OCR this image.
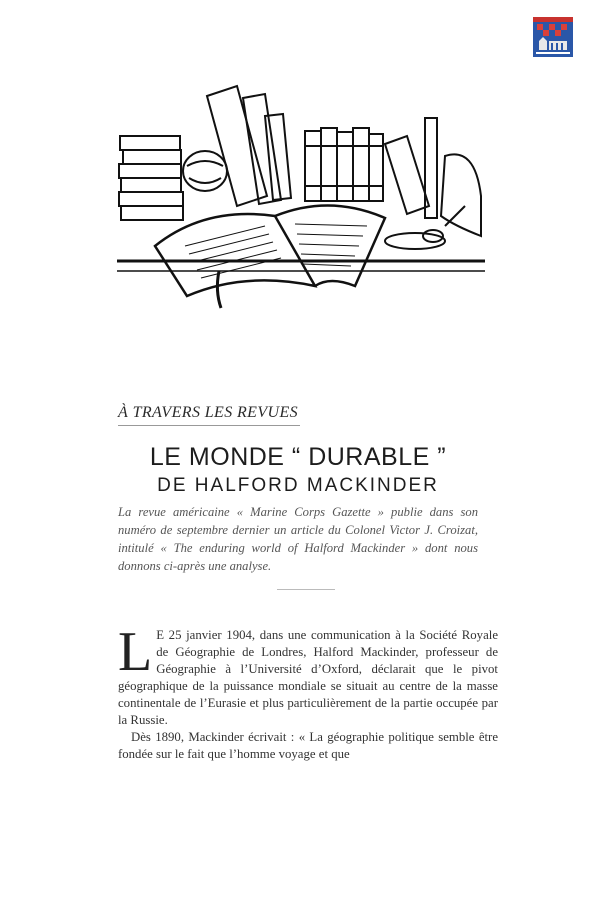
À TRAVERS LES REVUES
LE MONDE “ DURABLE ”
DE HALFORD MACKINDER
La revue américaine « Marine Corps Gazette » publie dans son numéro de septembre dernier un article du Colonel Victor J. Croizat, intitulé « The enduring world of Halford Mackinder » dont nous donnons ci-après une analyse.

L E 25 janvier 1904, dans une communication à la Société Royale de Géographie de Londres, Halford Mackinder, professeur de Géographie à l’Université d’Oxford, déclarait que le pivot géographique de la puissance mondiale se situait au centre de la masse continentale de l’Eurasie et plus particulièrement de la partie occupée par la Russie.

Dès 1890, Mackinder écrivait : « La géographie politique semble être fondée sur le fait que l’homme voyage et que
